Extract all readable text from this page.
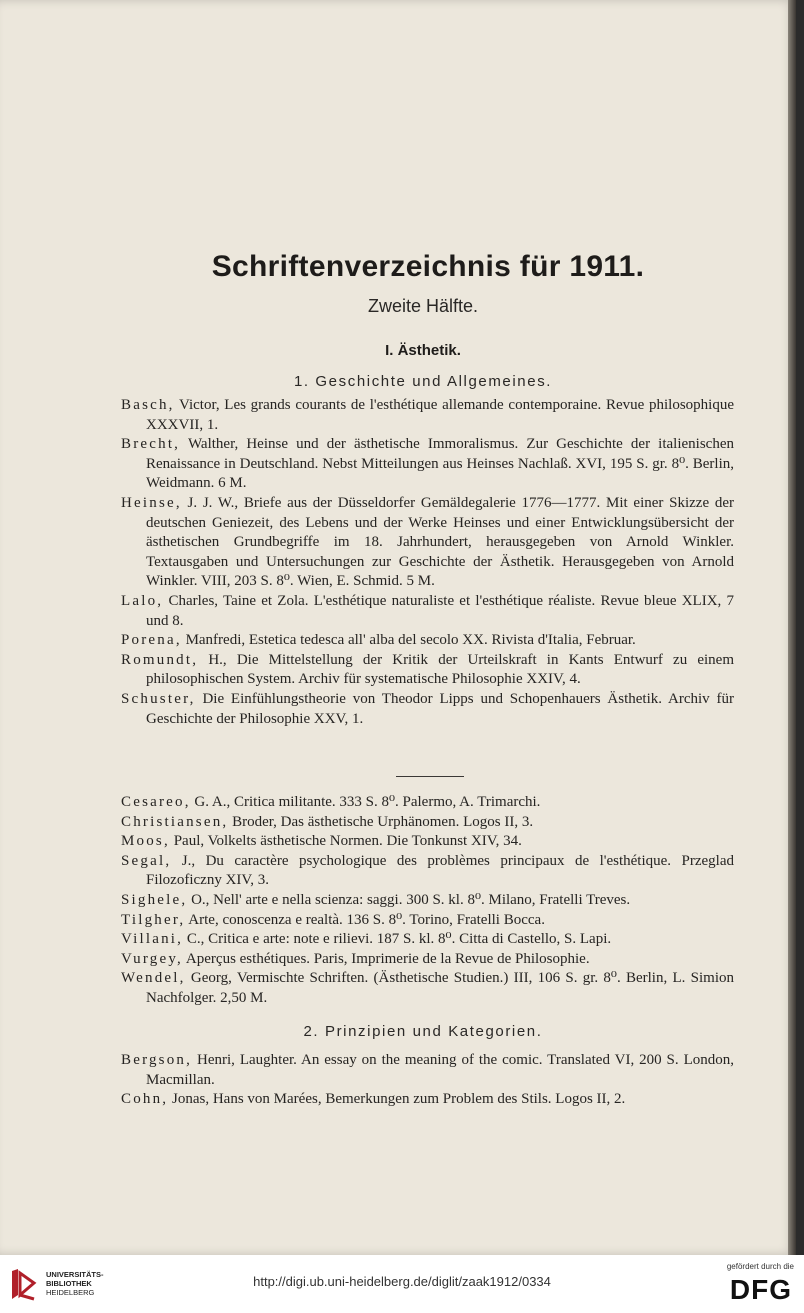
Schriftenverzeichnis für 1911.
Zweite Hälfte.
I. Ästhetik.
1. Geschichte und Allgemeines.
Basch, Victor, Les grands courants de l'esthétique allemande contemporaine. Revue philosophique XXXVII, 1.
Brecht, Walther, Heinse und der ästhetische Immoralismus. Zur Geschichte der italienischen Renaissance in Deutschland. Nebst Mitteilungen aus Heinses Nachlaß. XVI, 195 S. gr. 8⁰. Berlin, Weidmann. 6 M.
Heinse, J. J. W., Briefe aus der Düsseldorfer Gemäldegalerie 1776—1777. Mit einer Skizze der deutschen Geniezeit, des Lebens und der Werke Heinses und einer Entwicklungsübersicht der ästhetischen Grundbegriffe im 18. Jahrhundert, herausgegeben von Arnold Winkler. Textausgaben und Untersuchungen zur Geschichte der Ästhetik. Herausgegeben von Arnold Winkler. VIII, 203 S. 8⁰. Wien, E. Schmid. 5 M.
Lalo, Charles, Taine et Zola. L'esthétique naturaliste et l'esthétique réaliste. Revue bleue XLIX, 7 und 8.
Porena, Manfredi, Estetica tedesca all' alba del secolo XX. Rivista d'Italia, Februar.
Romundt, H., Die Mittelstellung der Kritik der Urteilskraft in Kants Entwurf zu einem philosophischen System. Archiv für systematische Philosophie XXIV, 4.
Schuster, Die Einfühlungstheorie von Theodor Lipps und Schopenhauers Ästhetik. Archiv für Geschichte der Philosophie XXV, 1.
Cesareo, G. A., Critica militante. 333 S. 8⁰. Palermo, A. Trimarchi.
Christiansen, Broder, Das ästhetische Urphänomen. Logos II, 3.
Moos, Paul, Volkelts ästhetische Normen. Die Tonkunst XIV, 34.
Segal, J., Du caractère psychologique des problèmes principaux de l'esthétique. Przeglad Filozoficzny XIV, 3.
Sighele, O., Nell' arte e nella scienza: saggi. 300 S. kl. 8⁰. Milano, Fratelli Treves.
Tilgher, Arte, conoscenza e realtà. 136 S. 8⁰. Torino, Fratelli Bocca.
Villani, C., Critica e arte: note e rilievi. 187 S. kl. 8⁰. Citta di Castello, S. Lapi.
Vurgey, Aperçus esthétiques. Paris, Imprimerie de la Revue de Philosophie.
Wendel, Georg, Vermischte Schriften. (Ästhetische Studien.) III, 106 S. gr. 8⁰. Berlin, L. Simion Nachfolger. 2,50 M.
2. Prinzipien und Kategorien.
Bergson, Henri, Laughter. An essay on the meaning of the comic. Translated VI, 200 S. London, Macmillan.
Cohn, Jonas, Hans von Marées, Bemerkungen zum Problem des Stils. Logos II, 2.
UNIVERSITÄTS-
BIBLIOTHEK
HEIDELBERG
http://digi.ub.uni-heidelberg.de/diglit/zaak1912/0334
gefördert durch die
DFG
